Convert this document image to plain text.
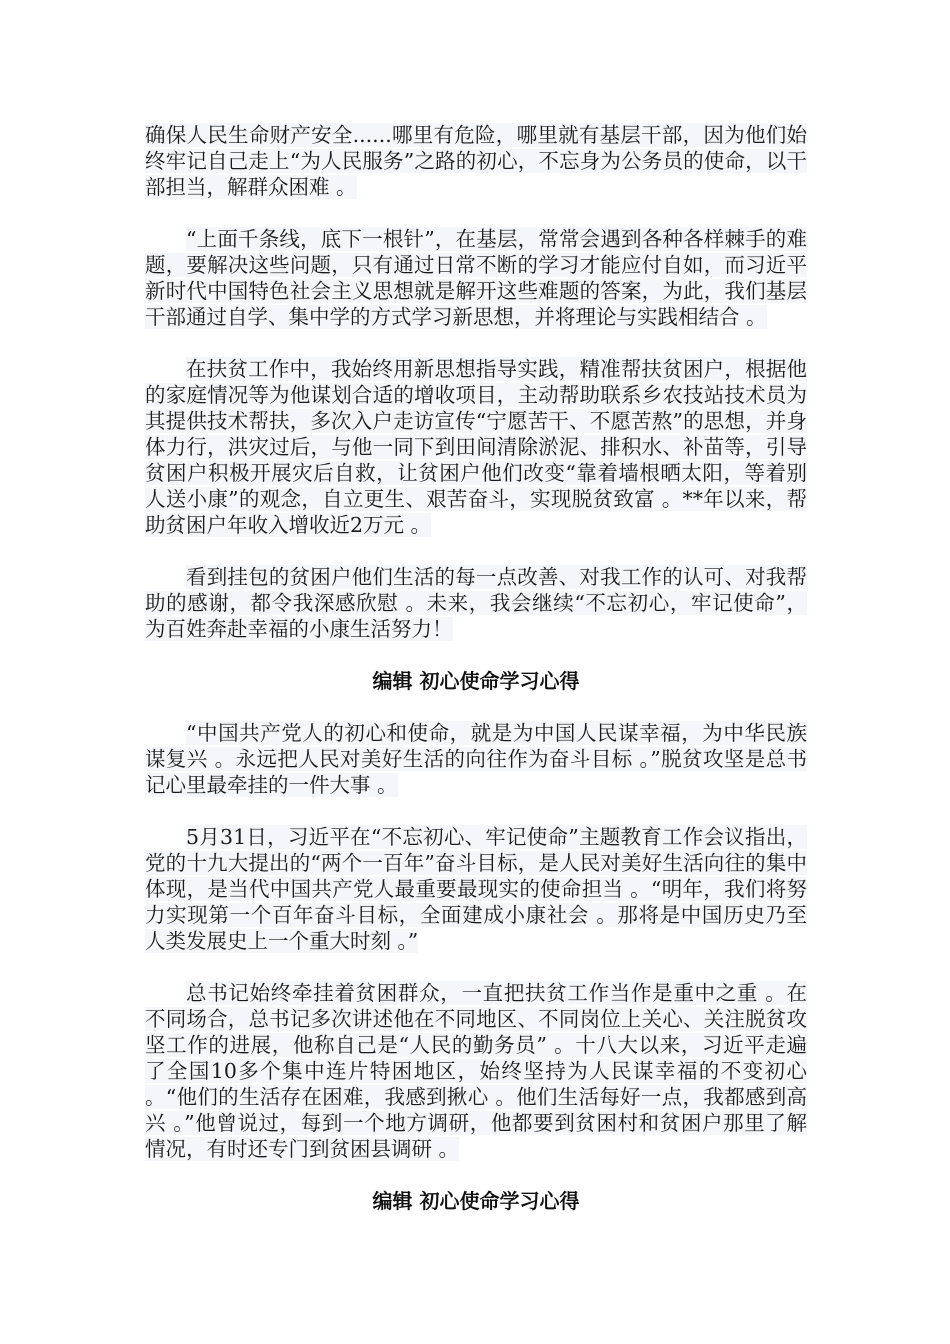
确保人民生命财产安全......哪里有危险，哪里就有基层干部，因为他们始终牢记自己走上“为人民服务”之路的初心，不忘身为公务员的使命，以干部担当，解群众困难 。

“上面千条线，底下一根针”，在基层，常常会遇到各种各样棘手的难题，要解决这些问题，只有通过日常不断的学习才能应付自如，而习近平新时代中国特色社会主义思想就是解开这些难题的答案，为此，我们基层干部通过自学、集中学的方式学习新思想，并将理论与实践相结合 。

在扶贫工作中，我始终用新思想指导实践，精准帮扶贫困户，根据他的家庭情况等为他谋划合适的增收项目，主动帮助联系乡农技站技术员为其提供技术帮扶，多次入户走访宣传“宁愿苦干、不愿苦熬”的思想，并身体力行，洪灾过后，与他一同下到田间清除淤泥、排积水、补苗等，引导贫困户积极开展灾后自救，让贫困户他们改变“靠着墙根晒太阳，等着别人送小康”的观念，自立更生、艰苦奋斗，实现脱贫致富 。**年以来，帮助贫困户年收入增收近2万元 。

看到挂包的贫困户他们生活的每一点改善、对我工作的认可、对我帮助的感谢，都令我深感欣慰 。未来，我会继续“不忘初心，牢记使命”，为百姓奔赴幸福的小康生活努力！

编辑 初心使命学习心得

“中国共产党人的初心和使命，就是为中国人民谋幸福，为中华民族谋复兴 。永远把人民对美好生活的向往作为奋斗目标 。”脱贫攻坚是总书记心里最牵挂的一件大事 。

5月31日，习近平在“不忘初心、牢记使命”主题教育工作会议指出，党的十九大提出的“两个一百年”奋斗目标，是人民对美好生活向往的集中体现，是当代中国共产党人最重要最现实的使命担当 。“明年，我们将努力实现第一个百年奋斗目标，全面建成小康社会 。那将是中国历史乃至人类发展史上一个重大时刻 。”

总书记始终牵挂着贫困群众，一直把扶贫工作当作是重中之重 。在不同场合，总书记多次讲述他在不同地区、不同岗位上关心、关注脱贫攻坚工作的进展，他称自己是“人民的勤务员” 。十八大以来，习近平走遍了全国10多个集中连片特困地区，始终坚持为人民谋幸福的不变初心 。“他们的生活存在困难，我感到揪心 。他们生活每好一点，我都感到高兴 。”他曾说过，每到一个地方调研，他都要到贫困村和贫困户那里了解情况，有时还专门到贫困县调研 。

编辑 初心使命学习心得
